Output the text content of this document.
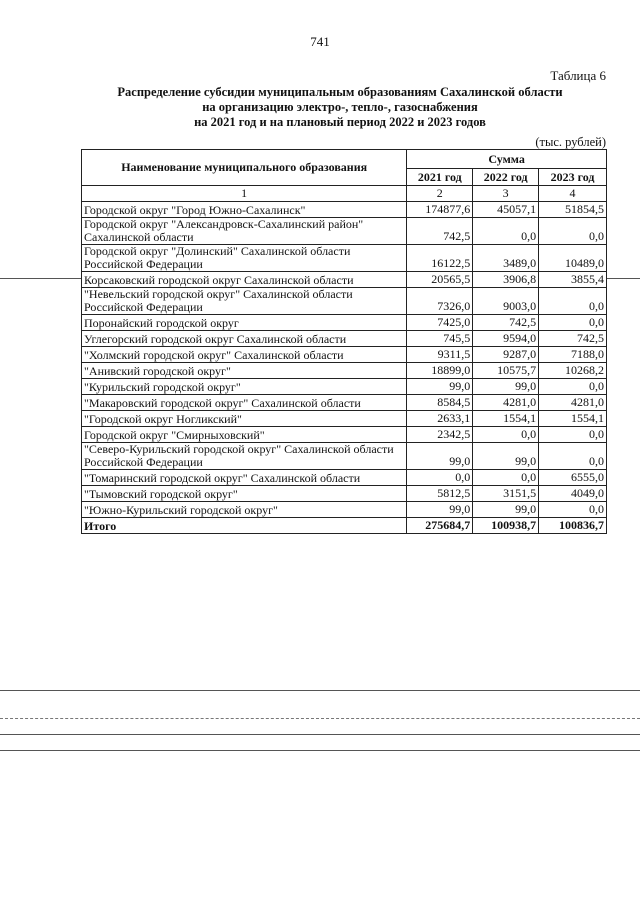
741
Таблица 6
Распределение субсидии муниципальным образованиям Сахалинской области
на организацию электро-, тепло-, газоснабжения
на 2021 год и на плановый период 2022 и 2023 годов
(тыс. рублей)
Наименование муниципального образования	Сумма		
	2021 год	2022 год	2023 год
1	2	3	4
Городской округ "Город Южно-Сахалинск"	174877,6	45057,1	51854,5
Городской округ "Александровск-Сахалинский район" Сахалинской области	742,5	0,0	0,0
Городской округ "Долинский" Сахалинской области Российской Федерации	16122,5	3489,0	10489,0
Корсаковский городской округ Сахалинской области	20565,5	3906,8	3855,4
"Невельский городской округ" Сахалинской области Российской Федерации	7326,0	9003,0	0,0
Поронайский городской округ	7425,0	742,5	0,0
Углегорский городской округ Сахалинской области	745,5	9594,0	742,5
"Холмский городской округ" Сахалинской области	9311,5	9287,0	7188,0
"Анивский городской округ"	18899,0	10575,7	10268,2
"Курильский городской округ"	99,0	99,0	0,0
"Макаровский городской округ" Сахалинской области	8584,5	4281,0	4281,0
"Городской округ Ногликский"	2633,1	1554,1	1554,1
Городской округ "Смирныховский"	2342,5	0,0	0,0
"Северо-Курильский городской округ" Сахалинской области Российской Федерации	99,0	99,0	0,0
"Томаринский городской округ" Сахалинской области	0,0	0,0	6555,0
"Тымовский городской округ"	5812,5	3151,5	4049,0
"Южно-Курильский городской округ"	99,0	99,0	0,0
Итого	275684,7	100938,7	100836,7
